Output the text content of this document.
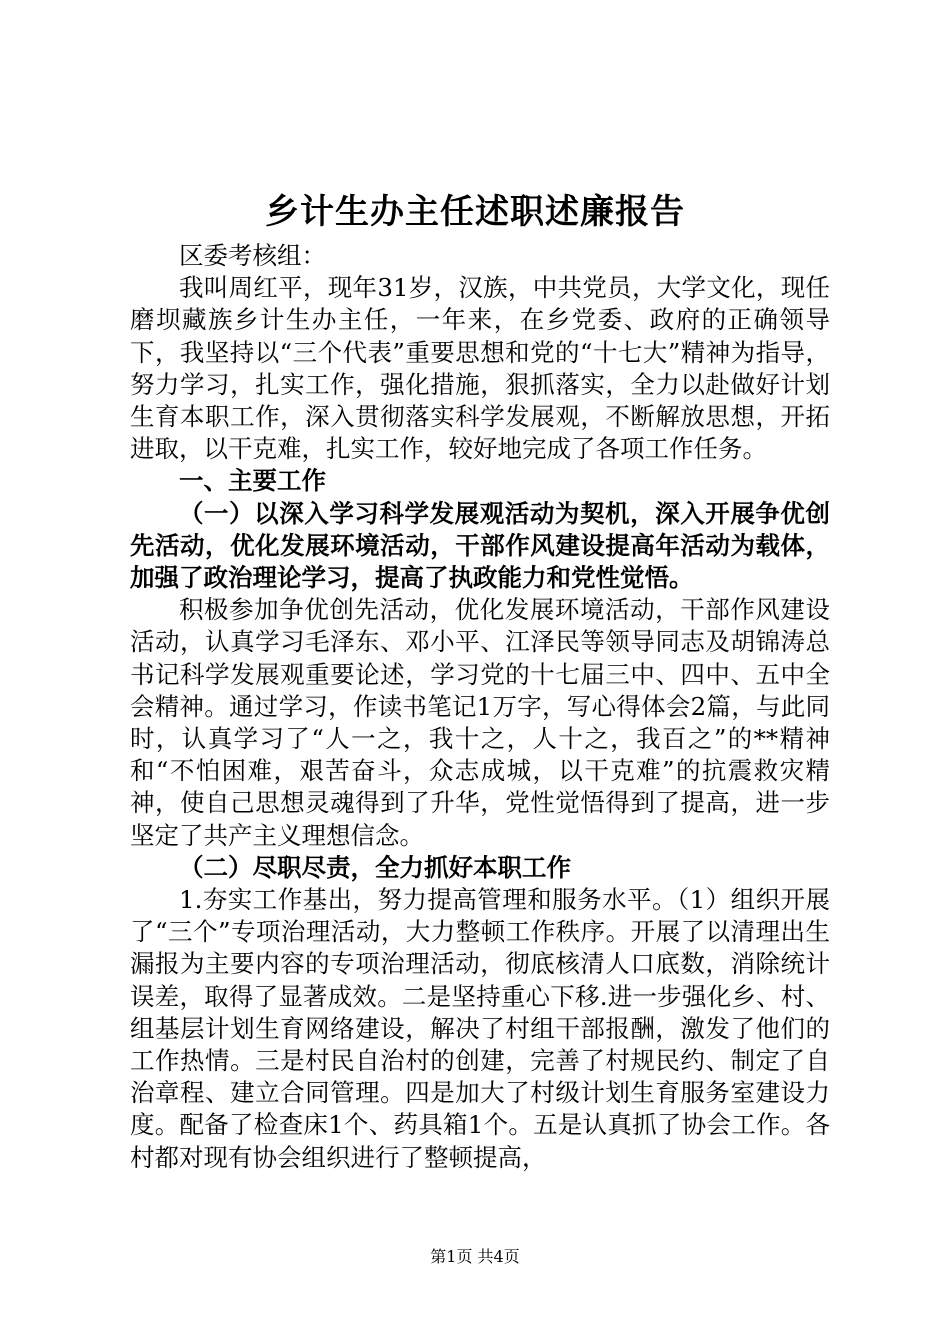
乡计生办主任述职述廉报告

区委考核组：

我叫周红平，现年31岁，汉族，中共党员，大学文化，现任磨坝藏族乡计生办主任，一年来，在乡党委、政府的正确领导下，我坚持以“三个代表”重要思想和党的“十七大”精神为指导，努力学习，扎实工作，强化措施，狠抓落实，全力以赴做好计划生育本职工作，深入贯彻落实科学发展观，不断解放思想，开拓进取，以干克难，扎实工作，较好地完成了各项工作任务。

一、主要工作

（一）以深入学习科学发展观活动为契机，深入开展争优创先活动，优化发展环境活动，干部作风建设提高年活动为载体，加强了政治理论学习，提高了执政能力和党性觉悟。

积极参加争优创先活动，优化发展环境活动，干部作风建设活动，认真学习毛泽东、邓小平、江泽民等领导同志及胡锦涛总书记科学发展观重要论述，学习党的十七届三中、四中、五中全会精神。通过学习，作读书笔记1万字，写心得体会2篇，与此同时，认真学习了“人一之，我十之，人十之，我百之”的**精神和“不怕困难，艰苦奋斗，众志成城，以干克难”的抗震救灾精神，使自己思想灵魂得到了升华，党性觉悟得到了提高，进一步坚定了共产主义理想信念。

（二）尽职尽责，全力抓好本职工作

1.夯实工作基出，努力提高管理和服务水平。（1）组织开展了“三个”专项治理活动，大力整顿工作秩序。开展了以清理出生漏报为主要内容的专项治理活动，彻底核清人口底数，消除统计误差，取得了显著成效。二是坚持重心下移.进一步强化乡、村、组基层计划生育网络建设，解决了村组干部报酬，激发了他们的工作热情。三是村民自治村的创建，完善了村规民约、制定了自治章程、建立合同管理。四是加大了村级计划生育服务室建设力度。配备了检查床1个、药具箱1个。五是认真抓了协会工作。各村都对现有协会组织进行了整顿提高，

第1页 共4页
